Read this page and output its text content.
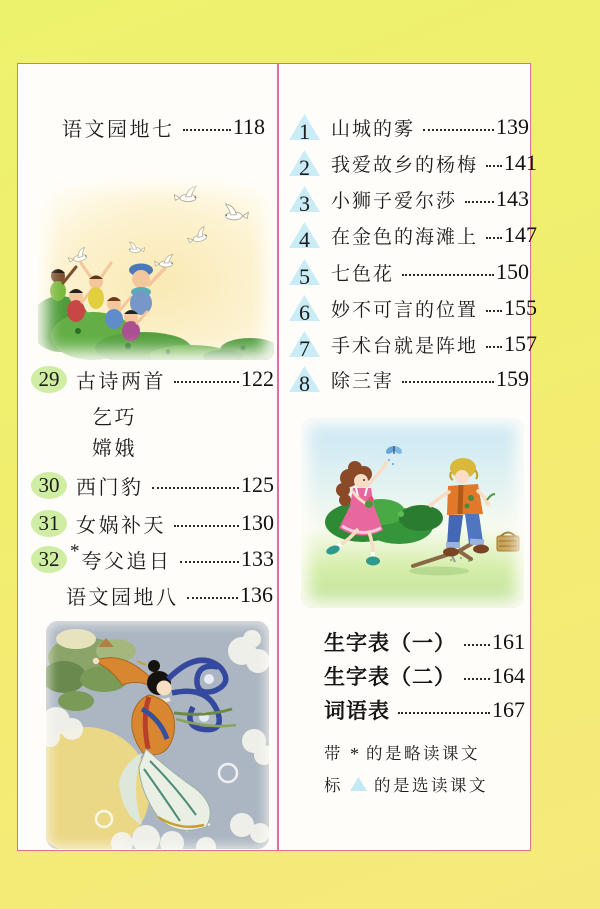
语文园地七	118
29 古诗两首	122
乞巧
嫦娥
30 西门豹	125
31 女娲补天	130
32 * 夸父追日	133
语文园地八	136
1	山城的雾	139
2	我爱故乡的杨梅 141
3	小狮子爱尔莎 143
4	在金色的海滩上 147
5	七色花	150
6	妙不可言的位置 155
7	手术台就是阵地 157
8	除三害	159
生字表（一） 161
生字表（二） 164
词语表	167
带 * 的是略读课文
标 的是选读课文
